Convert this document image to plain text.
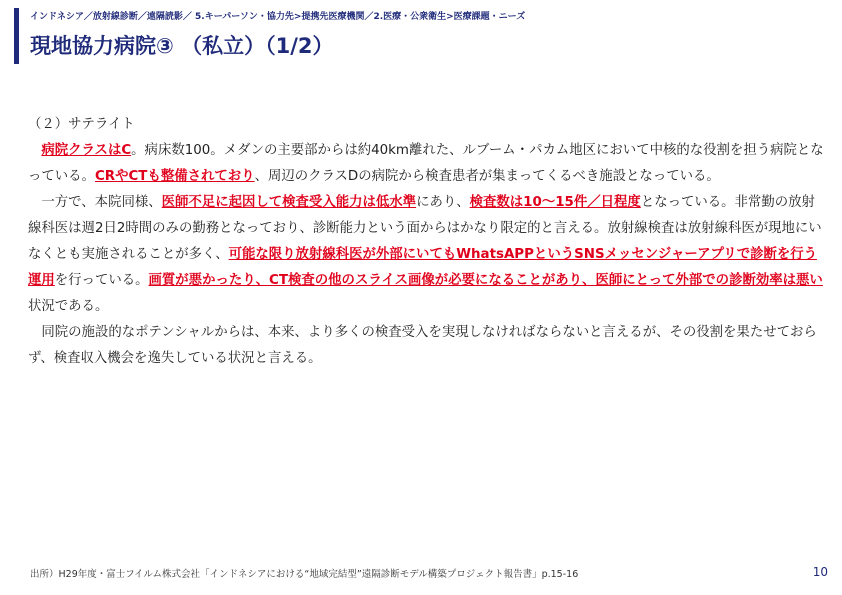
インドネシア／放射線診断／遠隔読影／ 5.キーパーソン・協力先>提携先医療機関／2.医療・公衆衛生>医療課題・ニーズ
現地協力病院③ （私立）（1/2）

（２）サテライト

　病院クラスはC。病床数100。メダンの主要部からは約40km離れた、ルブーム・パカム地区において中核的な役割を担う病院となっている。CRやCTも整備されており、周辺のクラスDの病院から検査患者が集まってくるべき施設となっている。

　一方で、本院同様、医師不足に起因して検査受入能力は低水準にあり、検査数は10～15件／日程度となっている。非常勤の放射線科医は週2日2時間のみの勤務となっており、診断能力という面からはかなり限定的と言える。放射線検査は放射線科医が現地にいなくとも実施されることが多く、可能な限り放射線科医が外部にいてもWhatsAPPというSNSメッセンジャーアプリで診断を行う運用を行っている。画質が悪かったり、CT検査の他のスライス画像が必要になることがあり、医師にとって外部での診断効率は悪い状況である。

　同院の施設的なポテンシャルからは、本来、より多くの検査受入を実現しなければならないと言えるが、その役割を果たせておらず、検査収入機会を逸失している状況と言える。

出所）H29年度・富士フイルム株式会社「インドネシアにおける“地域完結型”遠隔診断モデル構築プロジェクト報告書」p.15-16	10
